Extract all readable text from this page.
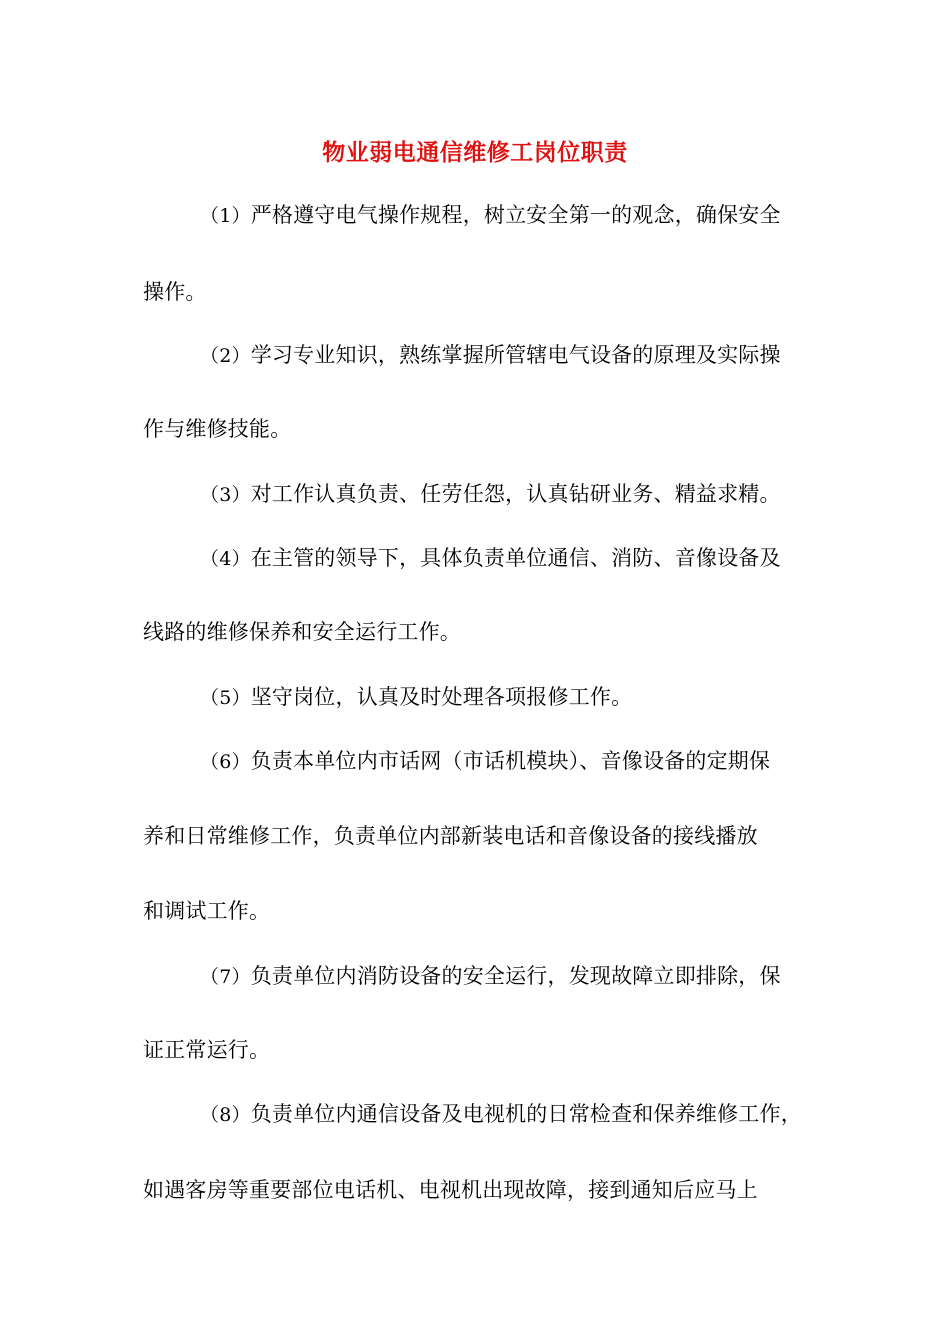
物业弱电通信维修工岗位职责
（1）严格遵守电气操作规程，树立安全第一的观念，确保安全
操作。
（2）学习专业知识，熟练掌握所管辖电气设备的原理及实际操
作与维修技能。
（3）对工作认真负责、任劳任怨，认真钻研业务、精益求精。
（4）在主管的领导下，具体负责单位通信、消防、音像设备及
线路的维修保养和安全运行工作。
（5）坚守岗位，认真及时处理各项报修工作。
（6）负责本单位内市话网（市话机模块）、音像设备的定期保
养和日常维修工作，负责单位内部新装电话和音像设备的接线播放
和调试工作。
（7）负责单位内消防设备的安全运行，发现故障立即排除，保
证正常运行。
（8）负责单位内通信设备及电视机的日常检查和保养维修工作，
如遇客房等重要部位电话机、电视机出现故障，接到通知后应马上
